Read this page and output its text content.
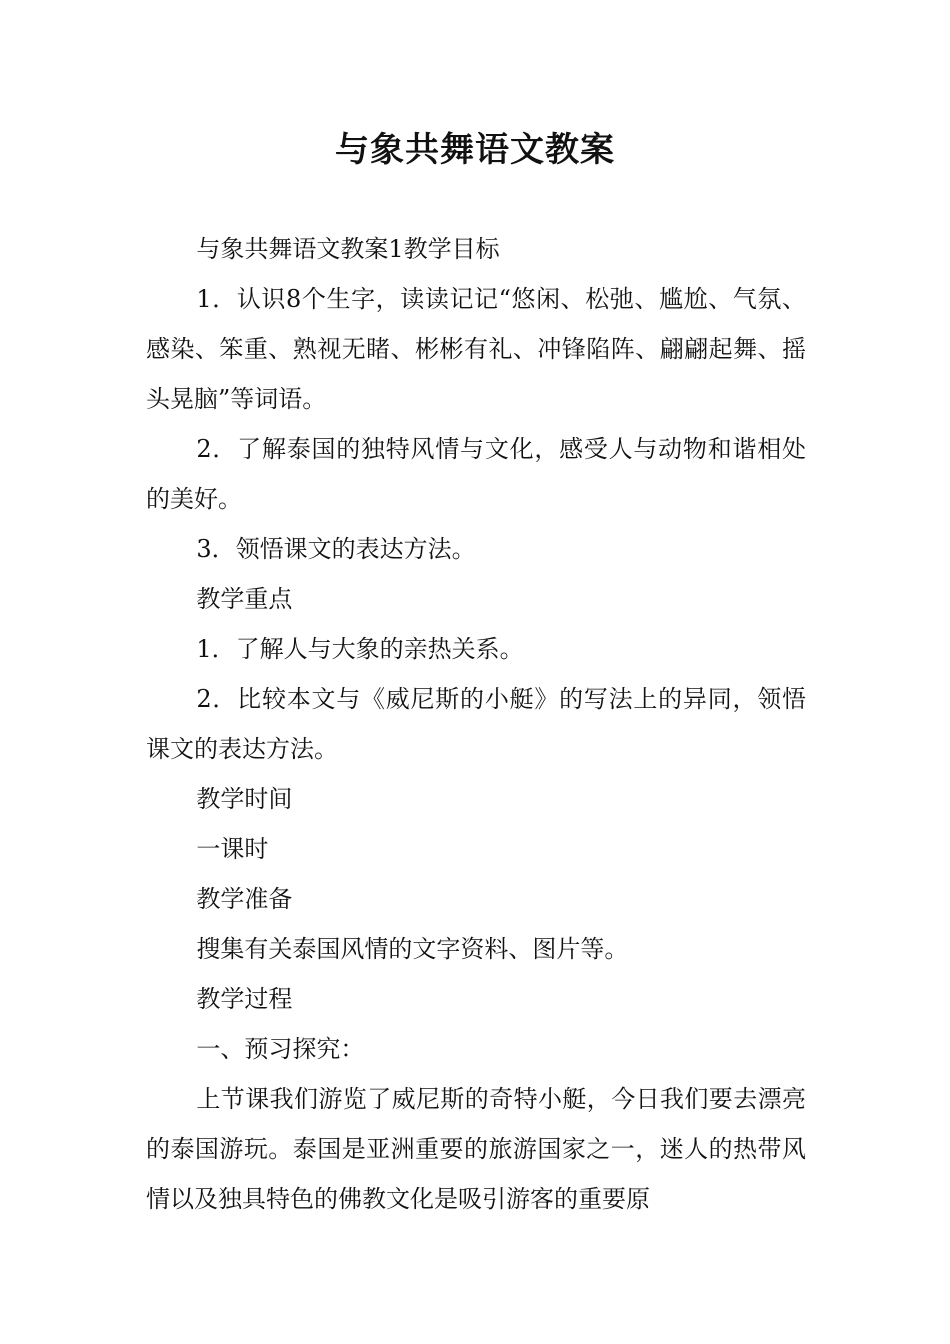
与象共舞语文教案

与象共舞语文教案1教学目标

1．认识8个生字，读读记记“悠闲、松弛、尴尬、气氛、感染、笨重、熟视无睹、彬彬有礼、冲锋陷阵、翩翩起舞、摇头晃脑”等词语。

2．了解泰国的独特风情与文化，感受人与动物和谐相处的美好。

3．领悟课文的表达方法。

教学重点

1．了解人与大象的亲热关系。

2．比较本文与《威尼斯的小艇》的写法上的异同，领悟课文的表达方法。

教学时间

一课时

教学准备

搜集有关泰国风情的文字资料、图片等。

教学过程

一、预习探究：

上节课我们游览了威尼斯的奇特小艇，今日我们要去漂亮的泰国游玩。泰国是亚洲重要的旅游国家之一，迷人的热带风情以及独具特色的佛教文化是吸引游客的重要原
